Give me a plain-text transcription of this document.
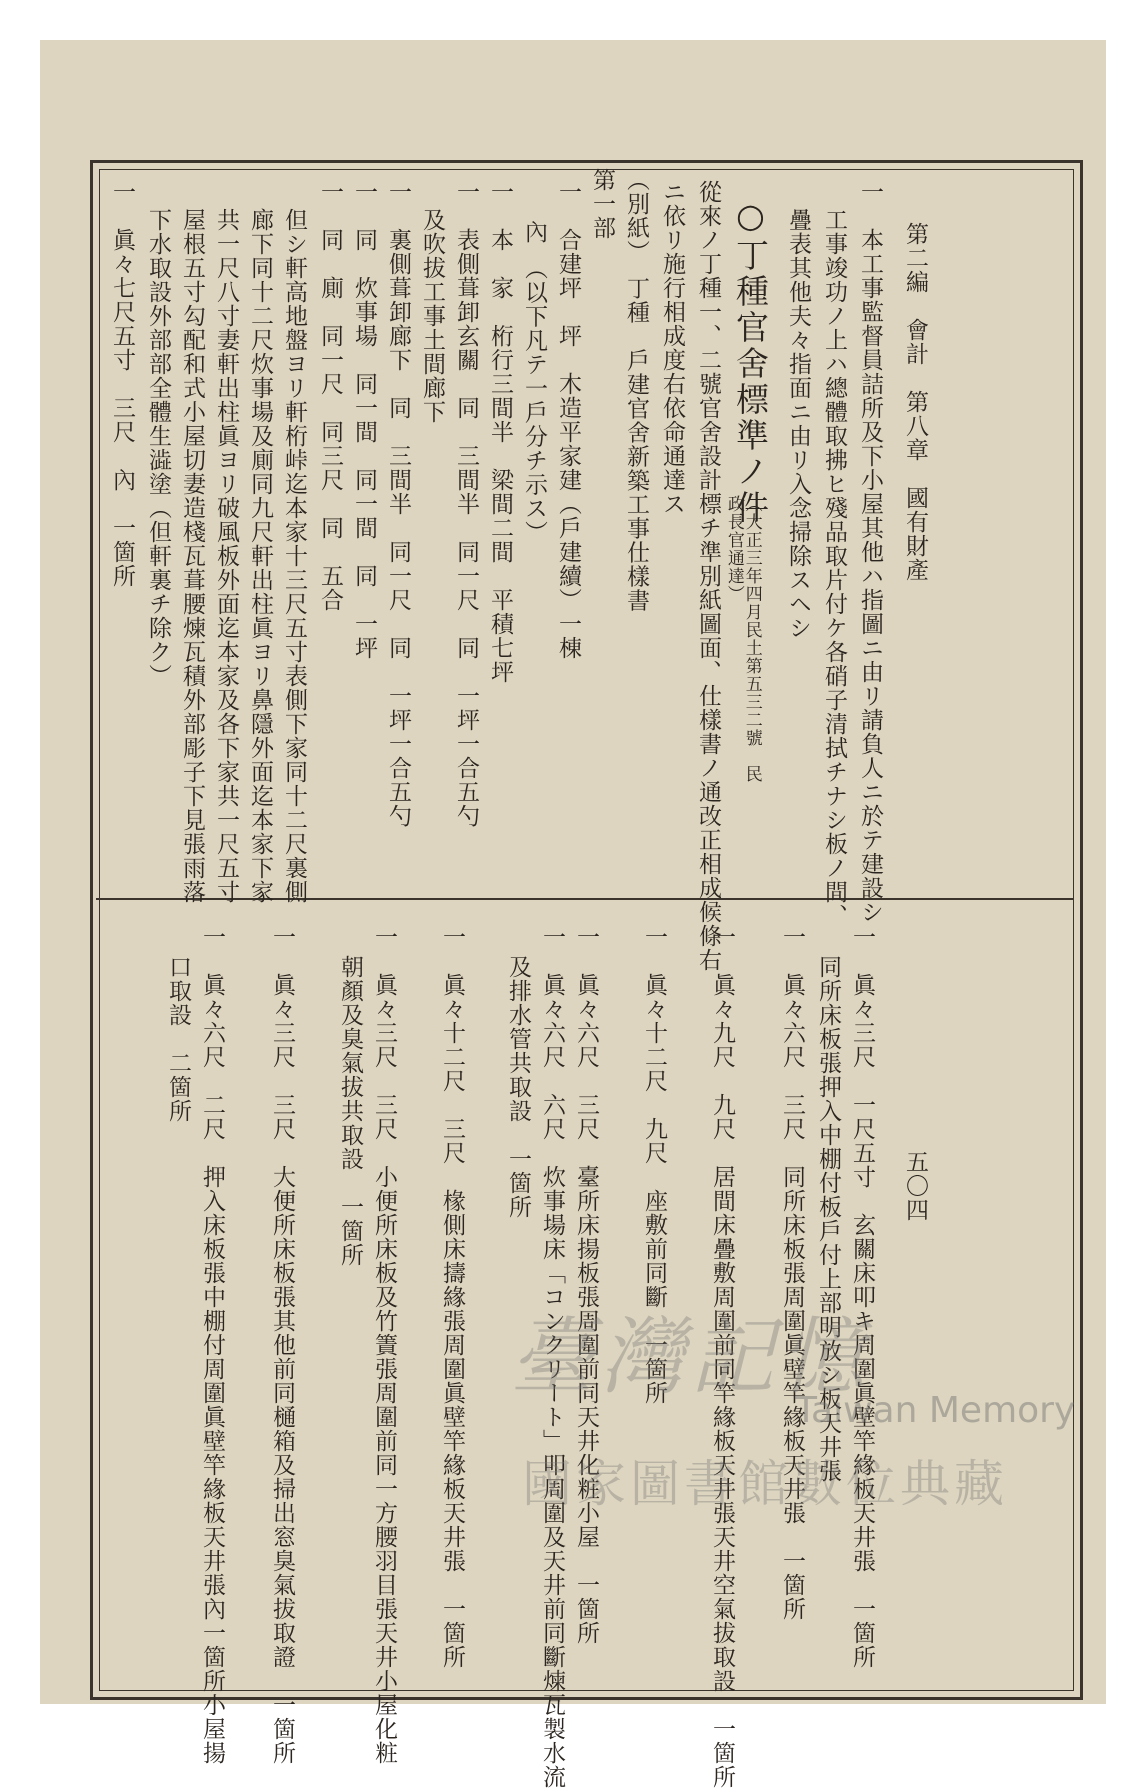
第二編　會計　第八章　國有財產
五〇四
一　本工事監督員詰所及下小屋其他ハ指圖ニ由リ請負人ニ於テ建設シ
工事竣功ノ上ハ總體取拂ヒ殘品取片付ケ各硝子清拭チナシ板ノ間、
疊表其他夫々指面ニ由リ入念掃除スヘシ
○丁種官舍標準ノ件
（大正三年四月民土第五三二號　民政長官通達）
從來ノ丁種一、二號官舍設計標チ準別紙圖面、仕樣書ノ通改正相成候條右
ニ依リ施行相成度右依命通達ス
（別紙）　丁種　戶建官舍新築工事仕樣書
第一部
一　合建坪　坪　木造平家建（戶建續）一棟
內　（以下凡テ一戶分チ示ス）
一　本　家　桁行三間半　梁間二間　平積七坪
一　表側葺卸玄關　同　三間半　同一尺　同　一坪一合五勺
及吹拔工事土間廊下
一　裏側葺卸廊下　同　三間半　同一尺　同　一坪一合五勺
一　同　炊事場　同一間　同一間　同　一坪
一　同　廁　同一尺　同三尺　同　五合
但シ軒高地盤ヨリ軒桁峠迄本家十三尺五寸表側下家同十二尺裏側
廊下同十二尺炊事場及廁同九尺軒出柱眞ヨリ鼻隱外面迄本家下家
共一尺八寸妻軒出柱眞ヨリ破風板外面迄本家及各下家共一尺五寸
屋根五寸勾配和式小屋切妻造棧瓦葺腰煉瓦積外部彫子下見張雨落
下水取設外部部全體生澁塗（但軒裏チ除ク）
一　眞々七尺五寸　三尺　內　一箇所
一　眞々三尺　一尺五寸　玄關床叩キ周圍眞壁竿緣板天井張　一箇所
同所床板張押入中棚付板戶付上部明放シ板天井張
一　眞々六尺　三尺　同所床板張周圍眞壁竿緣板天井張　一箇所
一　眞々九尺　九尺　居間床疊敷周圍前同竿緣板天井張天井空氣拔取設　一箇所
一　眞々十二尺　九尺　座敷前同斷　一箇所
一　眞々六尺　三尺　臺所床揚板張周圍前同天井化粧小屋　一箇所
一　眞々六尺　六尺　炊事場床「コンクリート」叩周圍及天井前同斷煉瓦製水流
及排水管共取設　一箇所
一　眞々十二尺　三尺　椽側床擣緣張周圍眞壁竿緣板天井張　一箇所
一　眞々三尺　三尺　小便所床板及竹簀張周圍前同一方腰羽目張天井小屋化粧
朝顏及臭氣拔共取設　一箇所
一　眞々三尺　三尺　大便所床板張其他前同樋箱及掃出窓臭氣拔取證　一箇所
一　眞々六尺　二尺　押入床板張中棚付周圍眞壁竿緣板天井張內一箇所小屋揚
口取設　二箇所
臺灣記憶
Taiwan Memory
國家圖書館數位典藏
